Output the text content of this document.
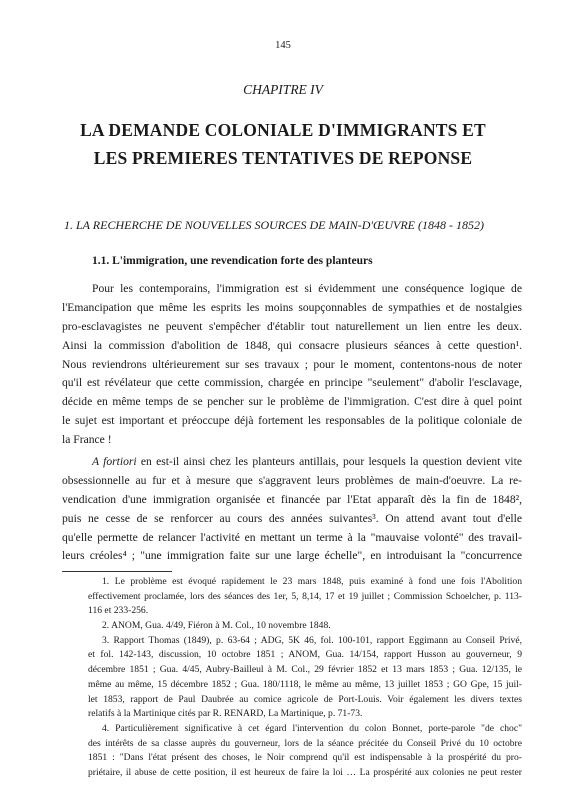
145
CHAPITRE IV
LA DEMANDE COLONIALE D'IMMIGRANTS ET
LES PREMIERES TENTATIVES DE REPONSE
1. LA RECHERCHE DE NOUVELLES SOURCES DE MAIN-D'ŒUVRE (1848 - 1852)
1.1. L'immigration, une revendication forte des planteurs
Pour les contemporains, l'immigration est si évidemment une conséquence logique de
l'Emancipation que même les esprits les moins soupçonnables de sympathies et de nostalgies
pro-esclavagistes ne peuvent s'empêcher d'établir tout naturellement un lien entre les deux.
Ainsi la commission d'abolition de 1848, qui consacre plusieurs séances à cette question¹.
Nous reviendrons ultérieurement sur ses travaux ; pour le moment, contentons-nous de noter
qu'il est révélateur que cette commission, chargée en principe "seulement" d'abolir l'esclavage,
décide en même temps de se pencher sur le problème de l'immigration. C'est dire à quel point
le sujet est important et préoccupe déjà fortement les responsables de la politique coloniale de
la France !
A fortiori en est-il ainsi chez les planteurs antillais, pour lesquels la question devient vite
obsessionnelle au fur et à mesure que s'aggravent leurs problèmes de main-d'oeuvre. La re-
vendication d'une immigration organisée et financée par l'Etat apparaît dès la fin de 1848²,
puis ne cesse de se renforcer au cours des années suivantes³. On attend avant tout d'elle
qu'elle permette de relancer l'activité en mettant un terme à la "mauvaise volonté" des travail-
leurs créoles⁴ ; "une immigration faite sur une large échelle", en introduisant la "concurrence
1. Le problème est évoqué rapidement le 23 mars 1848, puis examiné à fond une fois l'Abolition
effectivement proclamée, lors des séances des 1er, 5, 8,14, 17 et 19 juillet ; Commission Schoelcher, p. 113-
116 et 233-256.
2. ANOM, Gua. 4/49, Fiéron à M. Col., 10 novembre 1848.
3. Rapport Thomas (1849), p. 63-64 ; ADG, 5K 46, fol. 100-101, rapport Eggimann au Conseil Privé,
et fol. 142-143, discussion, 10 octobre 1851 ; ANOM, Gua. 14/154, rapport Husson au gouverneur, 9
décembre 1851 ; Gua. 4/45, Aubry-Bailleul à M. Col., 29 février 1852 et 13 mars 1853 ; Gua. 12/135, le
même au même, 15 décembre 1852 ; Gua. 180/1118, le même au même, 13 juillet 1853 ; GO Gpe, 15 juil-
let 1853, rapport de Paul Daubrée au comice agricole de Port-Louis. Voir également les divers textes
relatifs à la Martinique cités par R. RENARD, La Martinique, p. 71-73.
4. Particulièrement significative à cet égard l'intervention du colon Bonnet, porte-parole "de choc"
des intérêts de sa classe auprès du gouverneur, lors de la séance précitée du Conseil Privé du 10 octobre
1851 : "Dans l'état présent des choses, le Noir comprend qu'il est indispensable à la prospérité du pro-
priétaire, il abuse de cette position, il est heureux de faire la loi … La prospérité aux colonies ne peut rester
